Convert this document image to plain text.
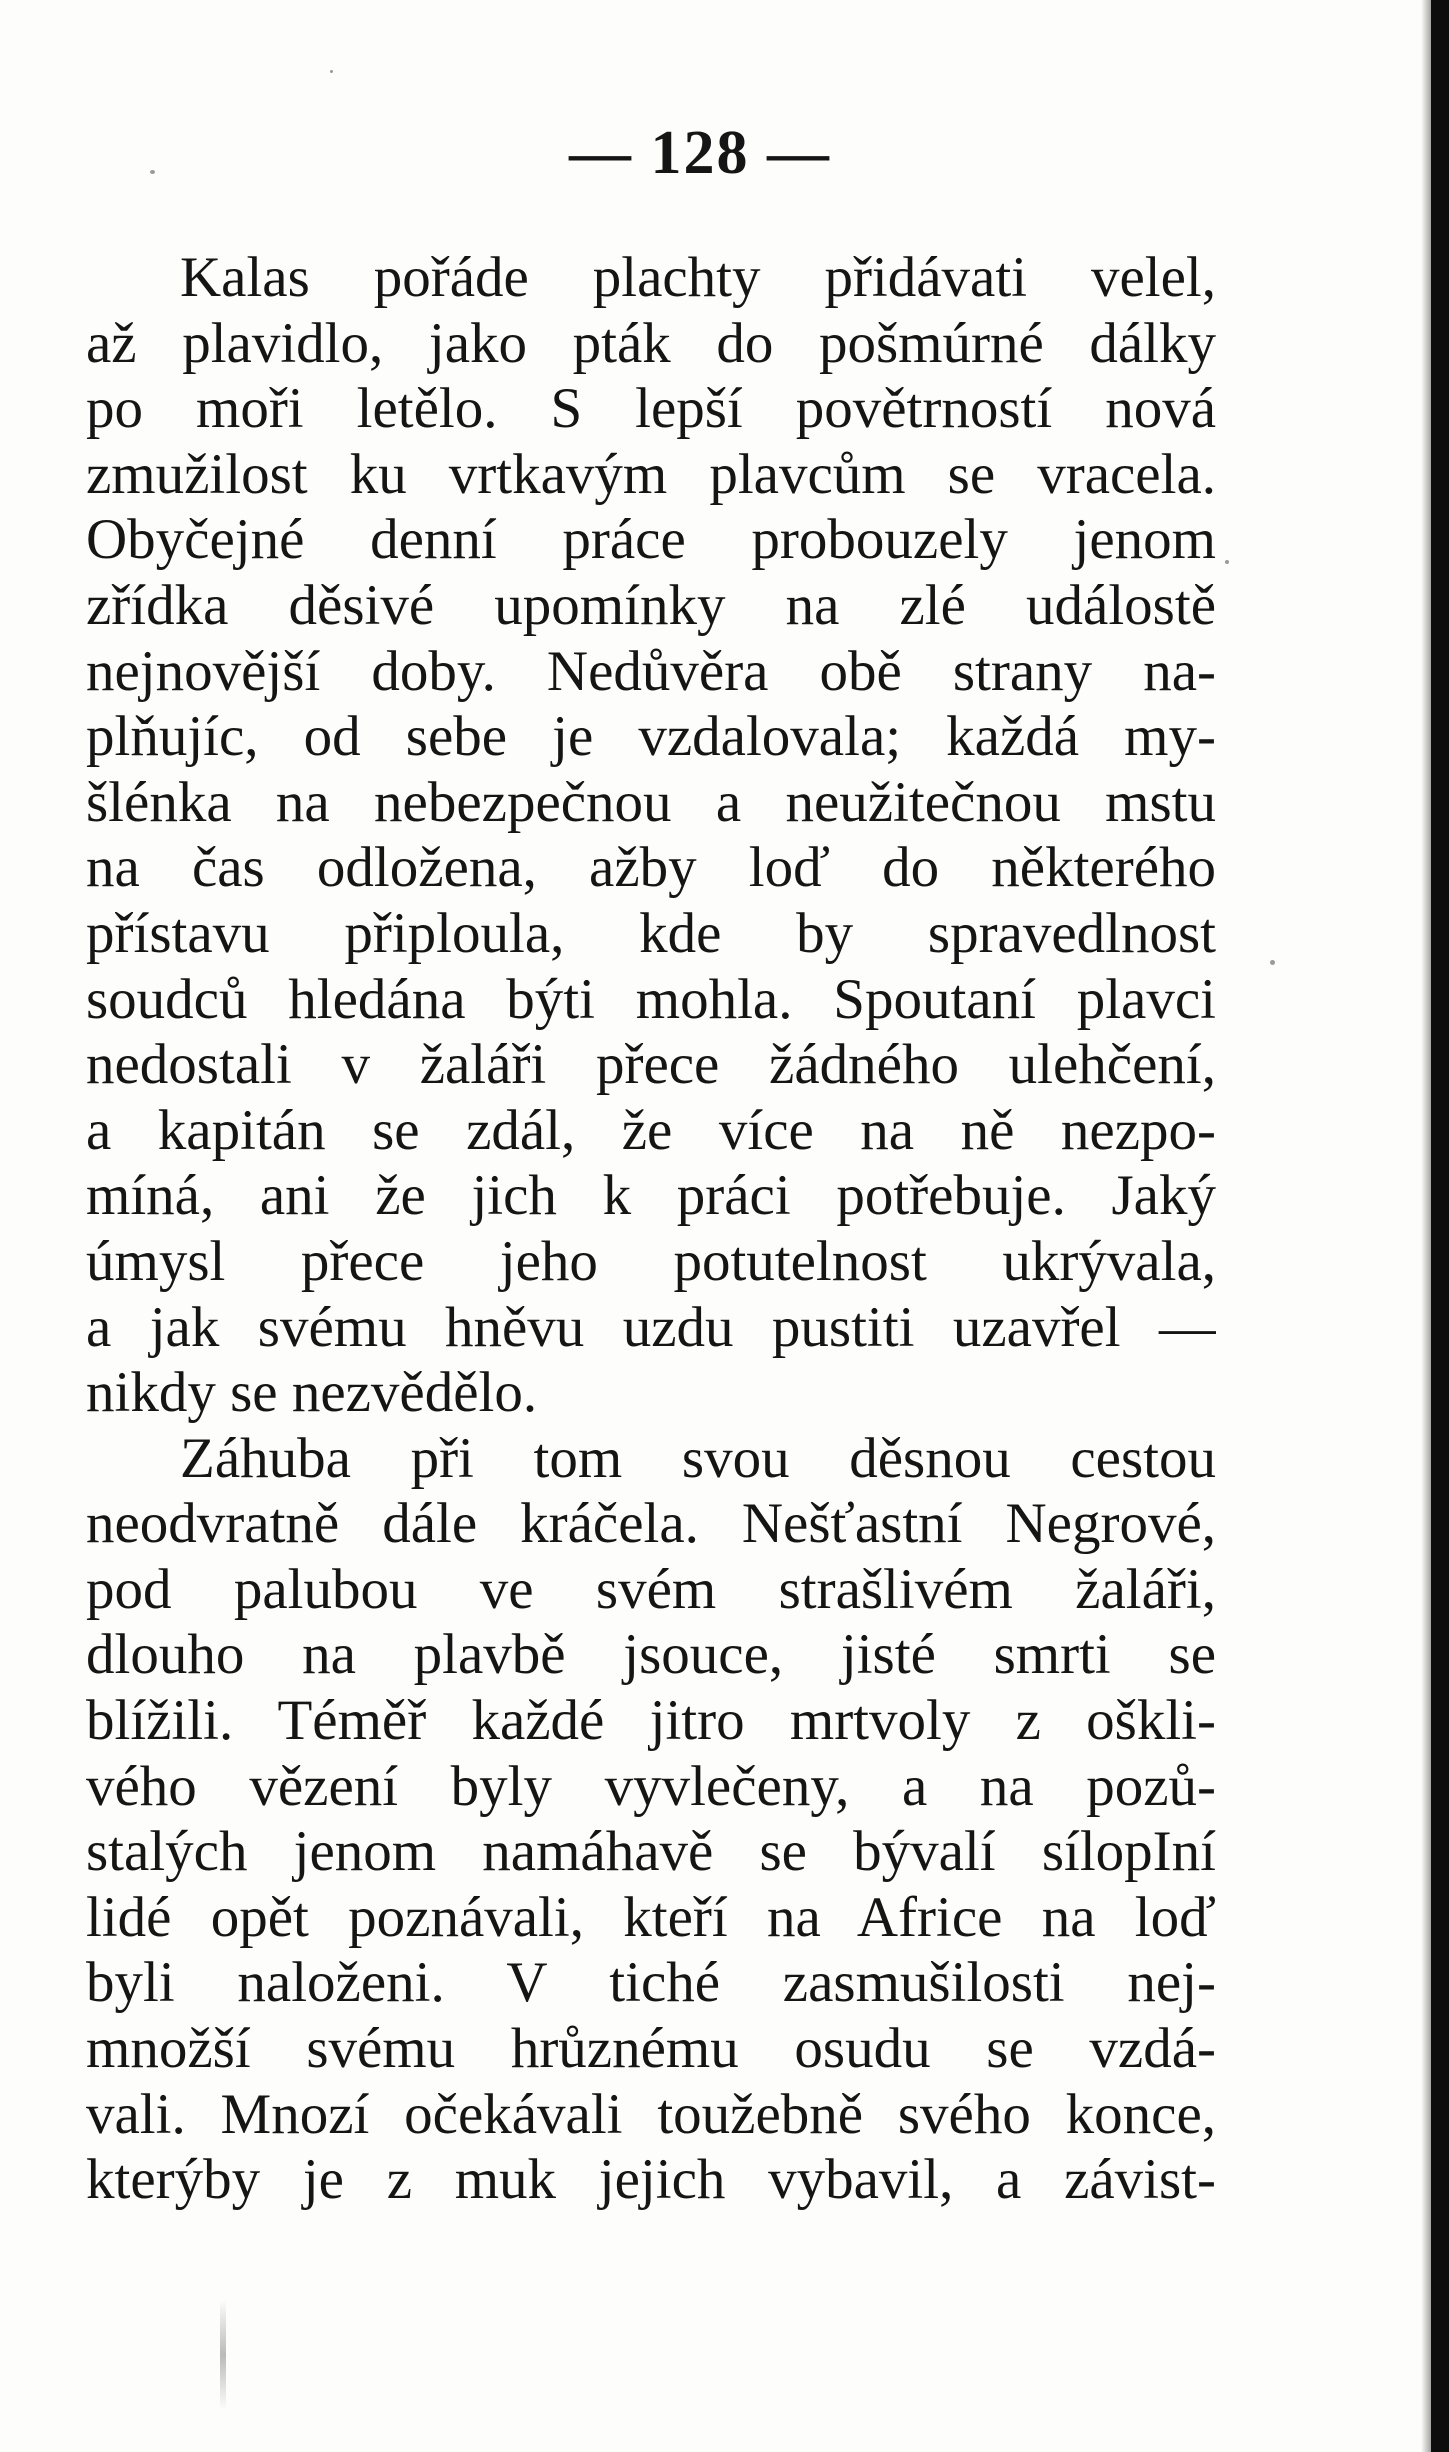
— 128 —
Kalas pořáde plachty přidávati velel,
až plavidlo, jako pták do pošmúrné dálky
po moři letělo. S lepší povětrností nová
zmužilost ku vrtkavým plavcům se vracela.
Obyčejné denní práce probouzely jenom
zřídka děsivé upomínky na zlé událostě
nejnovější doby. Nedůvěra obě strany na-
plňujíc, od sebe je vzdalovala; každá my-
šlénka na nebezpečnou a neužitečnou mstu
na čas odložena, ažby loď do některého
přístavu připloula, kde by spravedlnost
soudců hledána býti mohla. Spoutaní plavci
nedostali v žaláři přece žádného ulehčení,
a kapitán se zdál, že více na ně nezpo-
míná, ani že jich k práci potřebuje. Jaký
úmysl přece jeho potutelnost ukrývala,
a jak svému hněvu uzdu pustiti uzavřel —
nikdy se nezvědělo.
Záhuba při tom svou děsnou cestou
neodvratně dále kráčela. Nešťastní Negrové,
pod palubou ve svém strašlivém žaláři,
dlouho na plavbě jsouce, jisté smrti se
blížili. Téměř každé jitro mrtvoly z oškli-
vého vězení byly vyvlečeny, a na pozů-
stalých jenom namáhavě se bývalí sílopIní
lidé opět poznávali, kteří na Africe na loď
byli naloženi. V tiché zasmušilosti nej-
množší svému hrůznému osudu se vzdá-
vali. Mnozí očekávali toužebně svého konce,
kterýby je z muk jejich vybavil, a závist-
